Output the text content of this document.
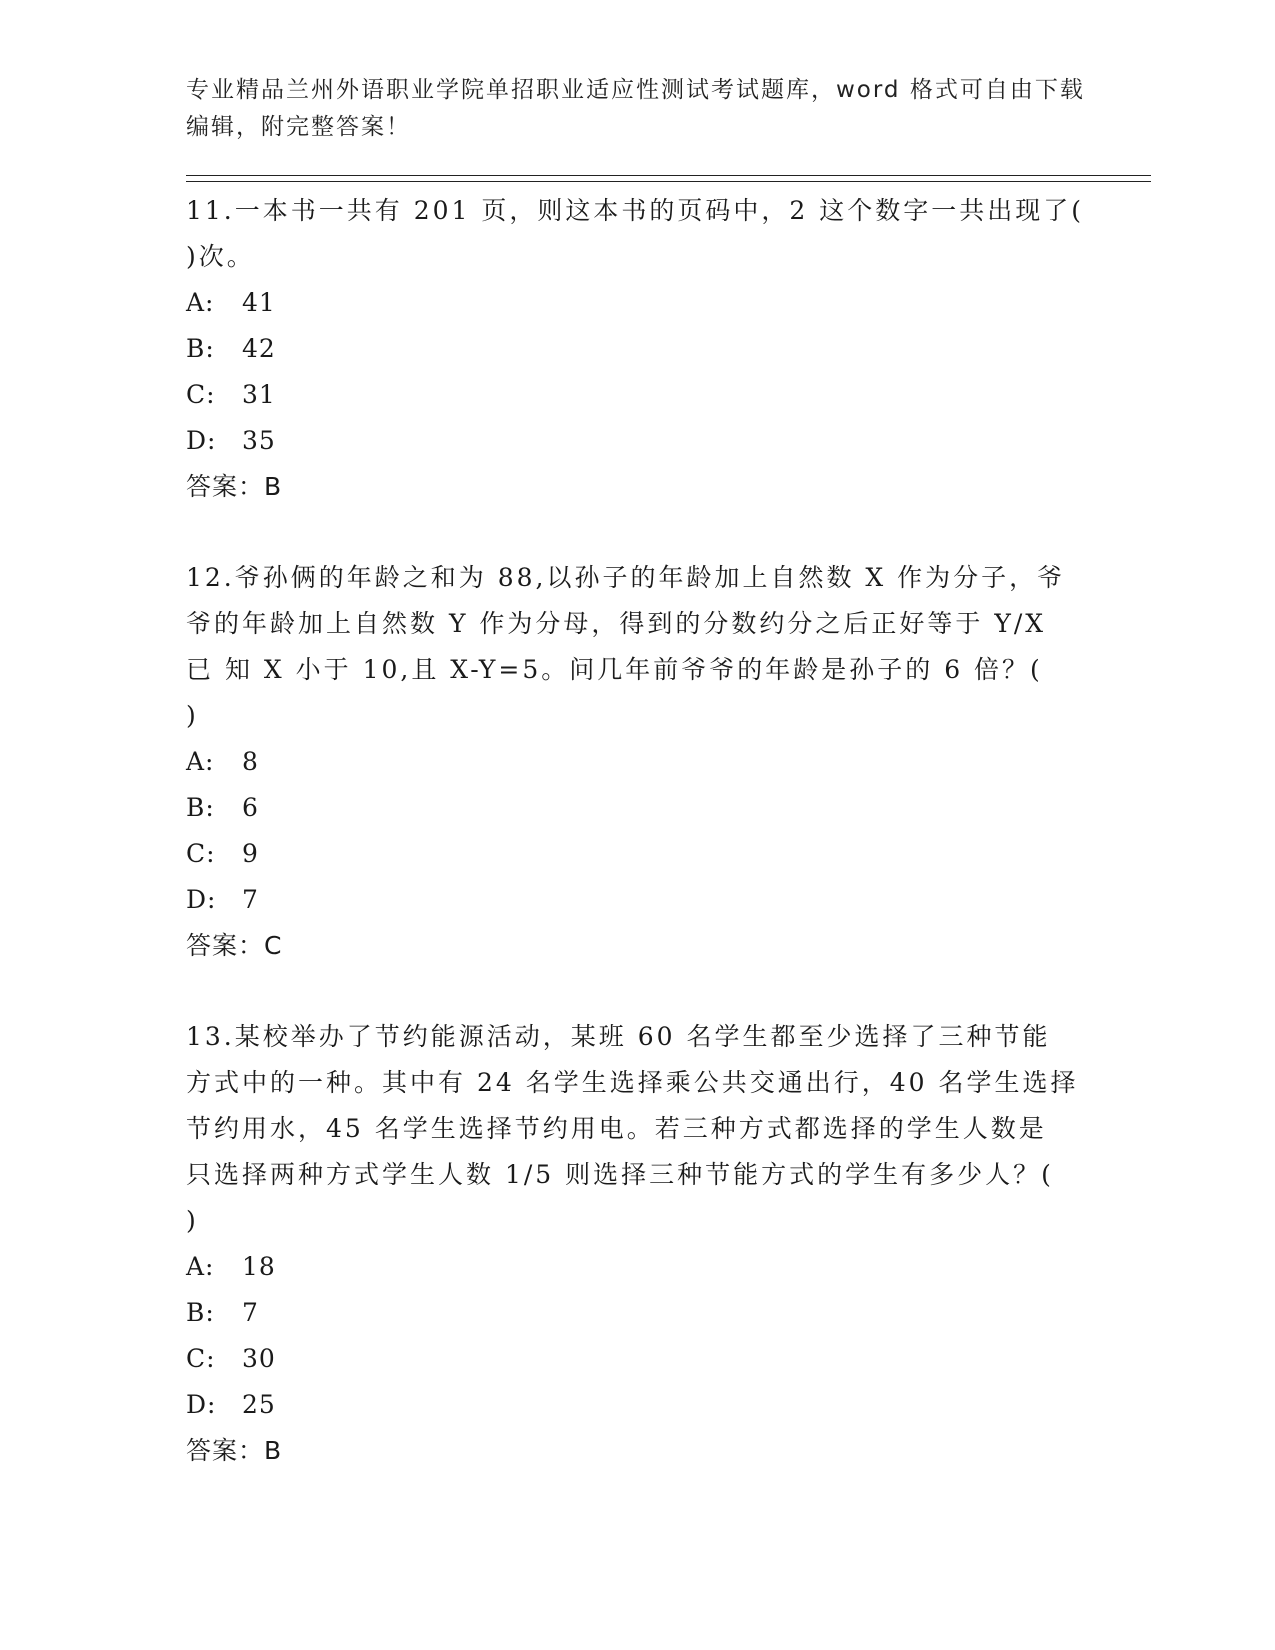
专业精品兰州外语职业学院单招职业适应性测试考试题库，word 格式可自由下载编辑，附完整答案！
11.一本书一共有 201 页，则这本书的页码中，2 这个数字一共出现了(
)次。
A:	41
B:	42
C:	31
D:	35
答案：B
12.爷孙俩的年龄之和为 88,以孙子的年龄加上自然数 X 作为分子，爷
爷的年龄加上自然数 Y 作为分母，得到的分数约分之后正好等于 Y/X
已 知 X 小于 10,且 X-Y=5。问几年前爷爷的年龄是孙子的 6 倍？(
)
A:	8
B:	6
C:	9
D:	7
答案：C
13.某校举办了节约能源活动，某班 60 名学生都至少选择了三种节能
方式中的一种。其中有 24 名学生选择乘公共交通出行，40 名学生选择
节约用水，45 名学生选择节约用电。若三种方式都选择的学生人数是
只选择两种方式学生人数 1/5 则选择三种节能方式的学生有多少人？(
)
A:	18
B:	7
C:	30
D:	25
答案：B
